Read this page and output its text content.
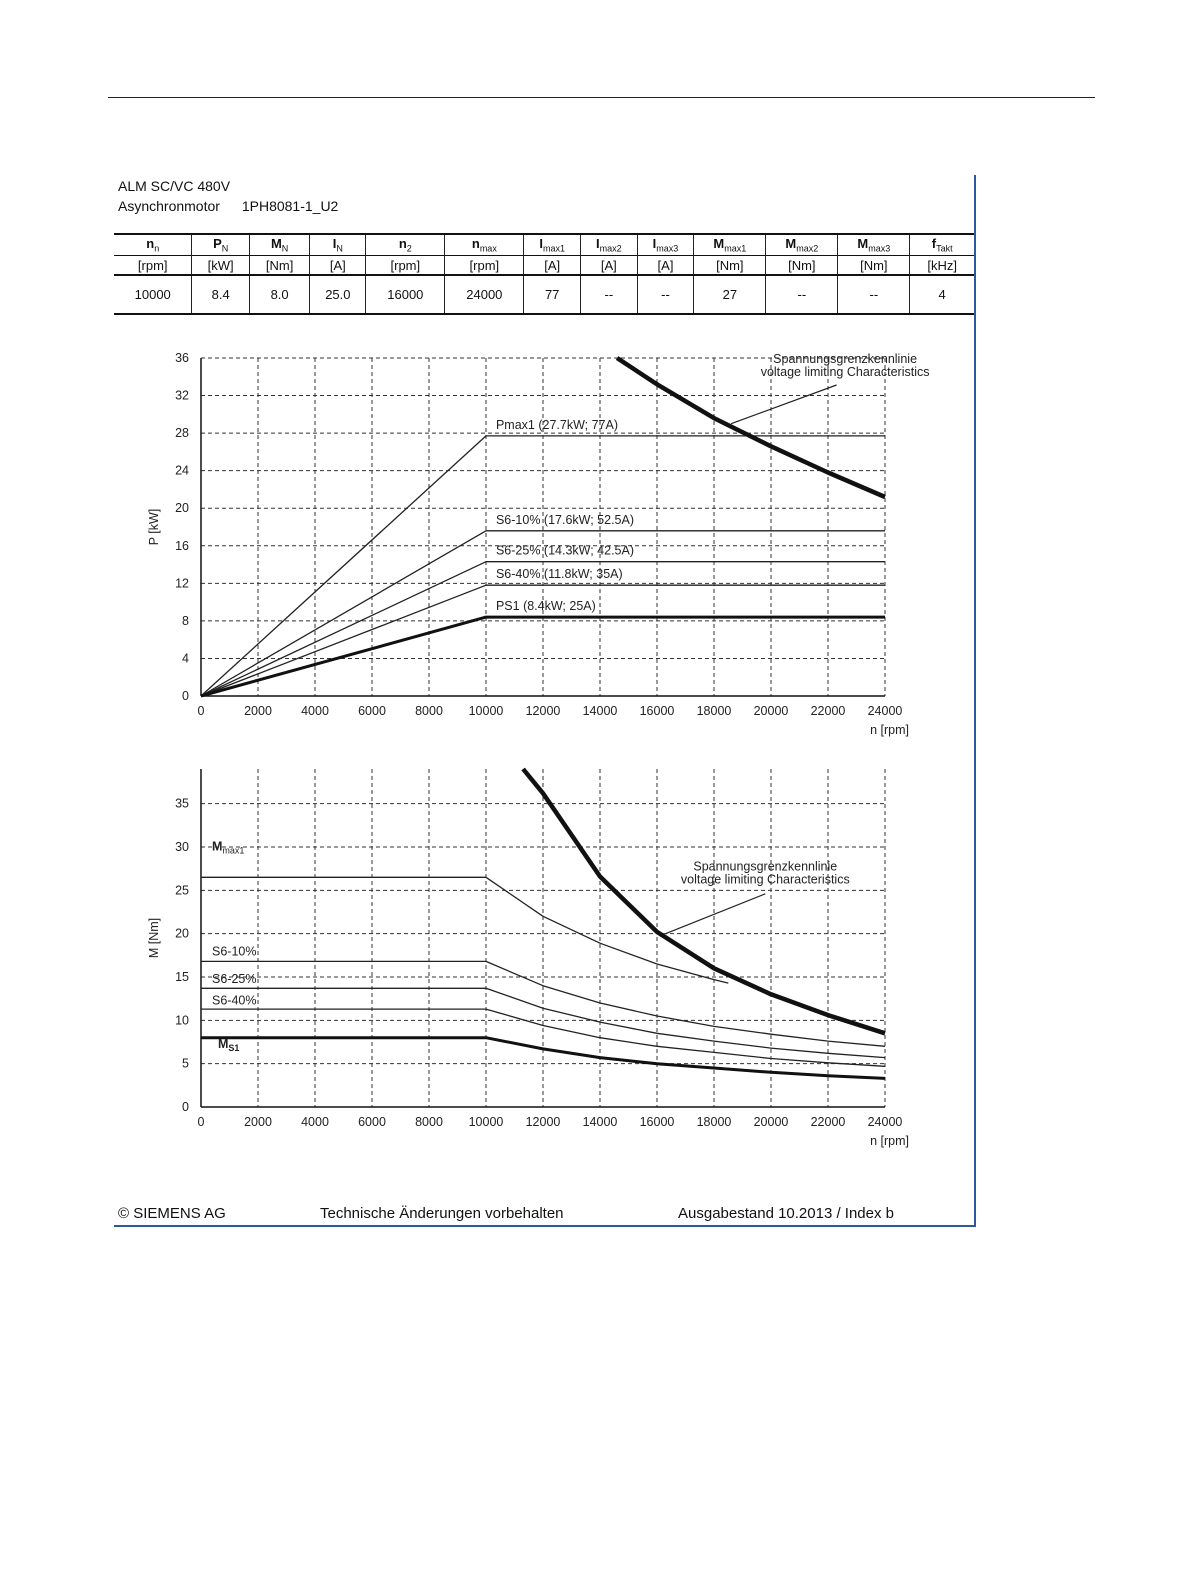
ALM SC/VC 480V
Asynchronmotor 1PH8081-1_U2
$n_n$	$P_N$	$M_N$	$I_N$	$n_2$	$n_{max}$	$I_{max1}$	$I_{max2}$	$I_{max3}$	$M_{max1}$	$M_{max2}$	$M_{max3}$	$f_{Takt}$
[rpm]	[kW]	[Nm]	[A]	[rpm]	[rpm]	[A]	[A]	[A]	[Nm]	[Nm]	[Nm]	[kHz]
10000	8.4	8.0	25.0	16000	24000	77	--	--	27	--	--	4
0	2000 4000 6000 8000 10000 12000 14000 16000 18000 20000 22000 24000
0
4
8
12
16
20
24
28
32
36
n [rpm]
P [kW]
Pmax1 (27.7kW; 77A)
S6-10% (17.6kW; 52.5A)
S6-25% (14.3kW; 42.5A)
S6-40% (11.8kW; 35A)
PS1 (8.4kW; 25A)
Spannungsgrenzkennlinie
voltage limiting Characteristics
0	2000 4000 6000 8000 10000 12000 14000 16000 18000 20000 22000 24000
0
5
10
15
20
25
30
35
n [rpm]
M [Nm]
$M_{max1}$
S6-10%
S6-25%
S6-40%
$M_{S1}$
Spannungsgrenzkennlinie
voltage limiting Characteristics
© SIEMENS AG	Technische Änderungen vorbehalten	Ausgabestand 10.2013 / Index b
